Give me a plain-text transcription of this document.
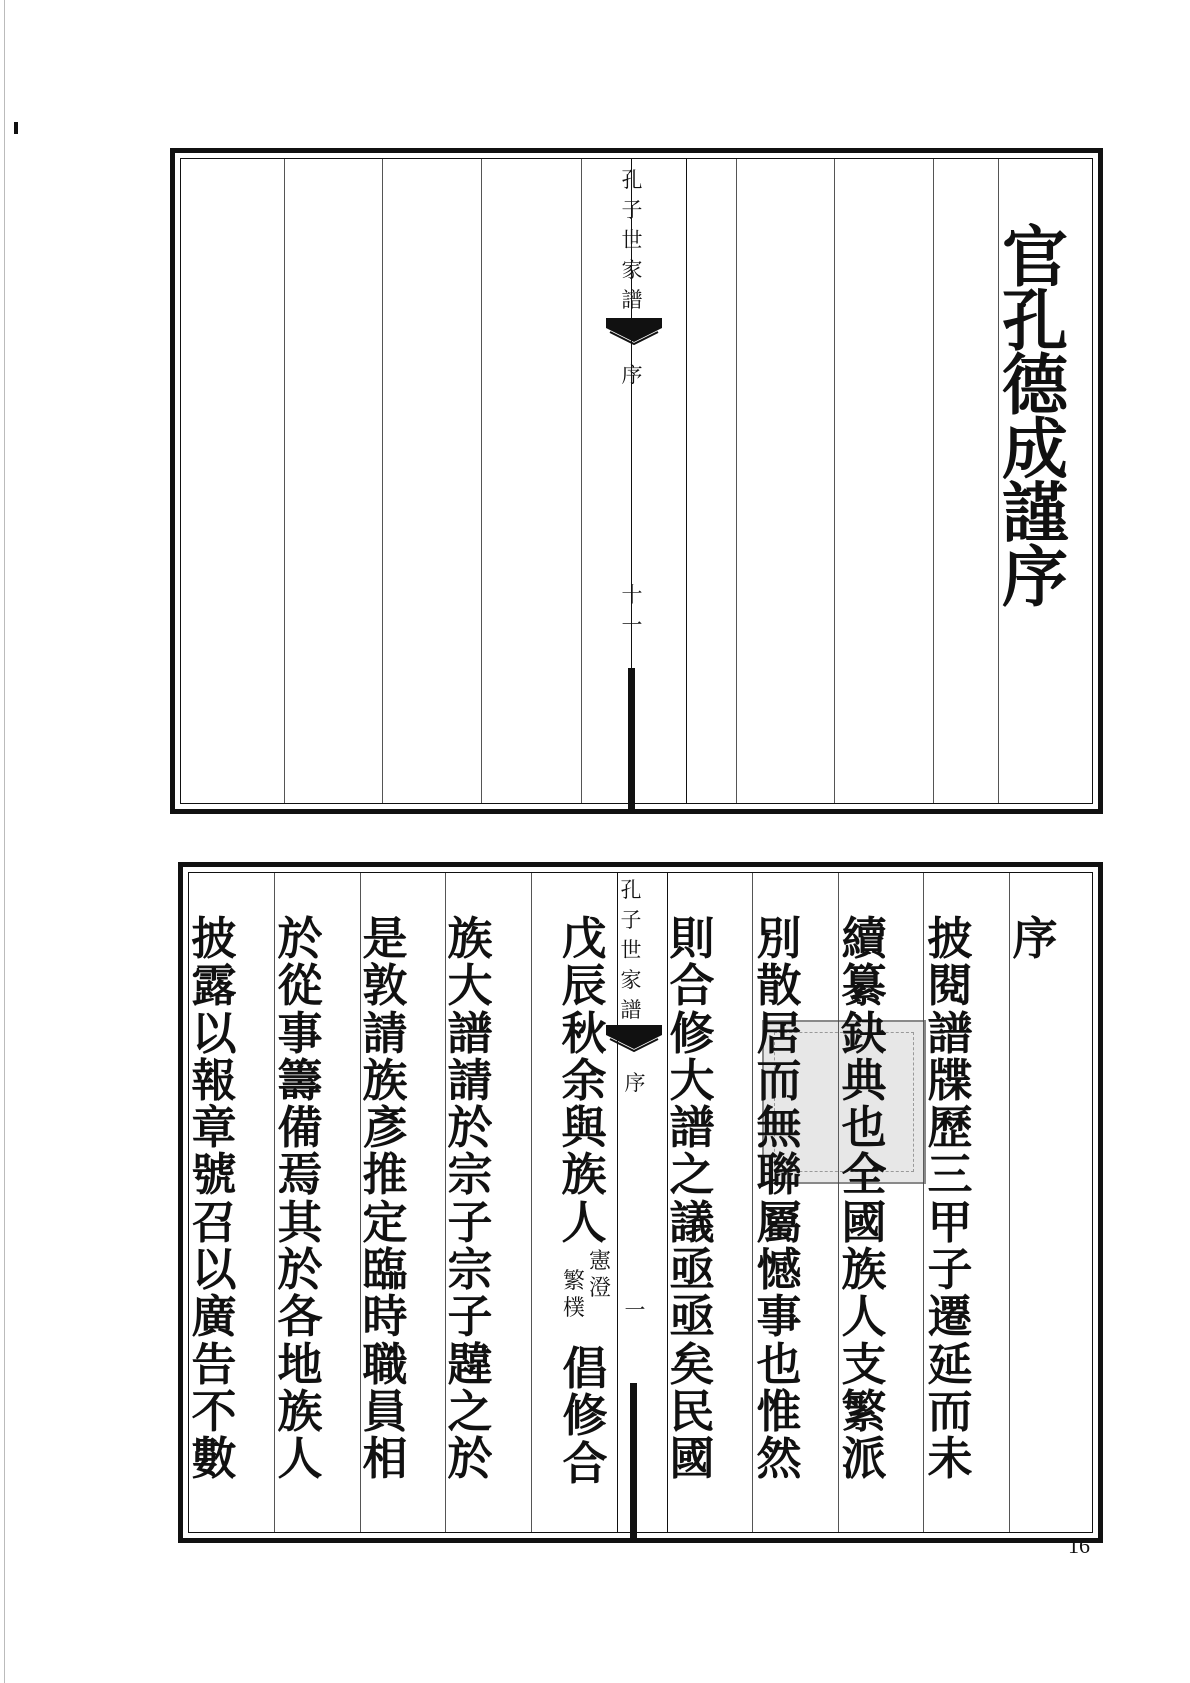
官
孔
德
成
謹
序
孔
子
世
家
譜
序
十
一
孔
子
世
家
譜
序
一
序
披
閱
譜
牒
歷
三
甲
子
遷
延
而
未
續
纂
鈌
典
也
全
國
族
人
支
繁
派
別
散
居
而
無
聯
屬
憾
事
也
惟
然
則
合
修
大
譜
之
議
亟
亟
矣
民
國
戊
辰
秋
余
與
族
人
族
大
譜
請
於
宗
子
宗
子
韙
之
於
是
敦
請
族
彥
推
定
臨
時
職
員
相
於
從
事
籌
備
焉
其
於
各
地
族
人
披
露
以
報
章
號
召
以
廣
告
不
數
憲
澄
繁
樸
倡
修
合
16
